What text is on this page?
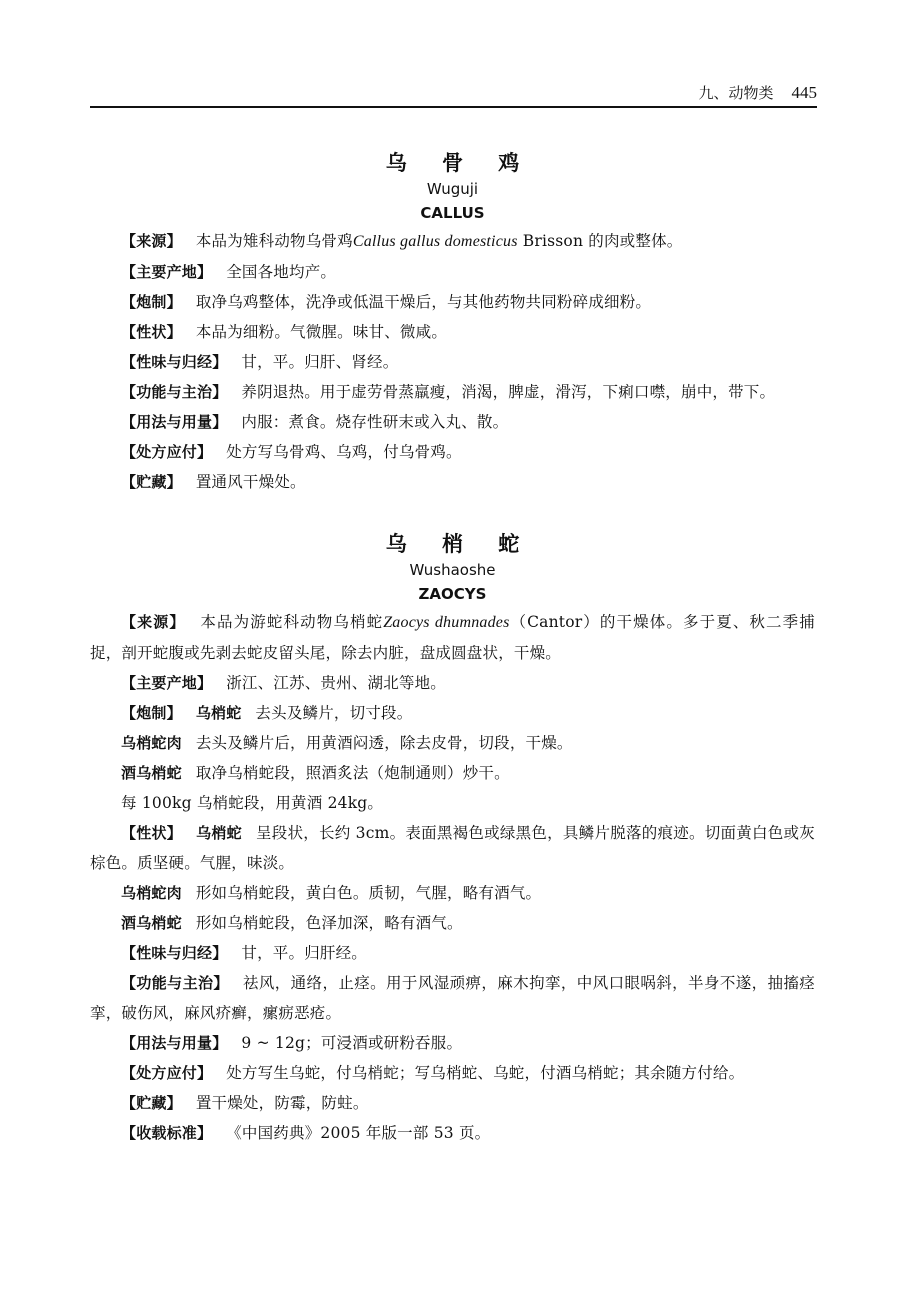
九、动物类 445
乌 骨 鸡
Wuguji
CALLUS

【来源】 本品为雉科动物乌骨鸡Callus gallus domesticus Brisson 的肉或整体。

【主要产地】 全国各地均产。

【炮制】 取净乌鸡整体，洗净或低温干燥后，与其他药物共同粉碎成细粉。

【性状】 本品为细粉。气微腥。味甘、微咸。

【性味与归经】 甘，平。归肝、肾经。

【功能与主治】 养阴退热。用于虚劳骨蒸羸瘦，消渴，脾虚，滑泻，下痢口噤，崩中，带下。

【用法与用量】 内服：煮食。烧存性研末或入丸、散。

【处方应付】 处方写乌骨鸡、乌鸡，付乌骨鸡。

【贮藏】 置通风干燥处。

乌 梢 蛇
Wushaoshe
ZAOCYS

【来源】 本品为游蛇科动物乌梢蛇Zaocys dhumnades（Cantor）的干燥体。多于夏、秋二季捕捉，剖开蛇腹或先剥去蛇皮留头尾，除去内脏，盘成圆盘状，干燥。

【主要产地】 浙江、江苏、贵州、湖北等地。

【炮制】 乌梢蛇 去头及鳞片，切寸段。

乌梢蛇肉 去头及鳞片后，用黄酒闷透，除去皮骨，切段，干燥。

酒乌梢蛇 取净乌梢蛇段，照酒炙法（炮制通则）炒干。

每 100kg 乌梢蛇段，用黄酒 24kg。

【性状】 乌梢蛇 呈段状，长约 3cm。表面黑褐色或绿黑色，具鳞片脱落的痕迹。切面黄白色或灰棕色。质坚硬。气腥，味淡。

乌梢蛇肉 形如乌梢蛇段，黄白色。质韧，气腥，略有酒气。

酒乌梢蛇 形如乌梢蛇段，色泽加深，略有酒气。

【性味与归经】 甘，平。归肝经。

【功能与主治】 祛风，通络，止痉。用于风湿顽痹，麻木拘挛，中风口眼㖞斜，半身不遂，抽搐痉挛，破伤风，麻风疥癣，瘰疬恶疮。

【用法与用量】 9 ~ 12g；可浸酒或研粉吞服。

【处方应付】 处方写生乌蛇，付乌梢蛇；写乌梢蛇、乌蛇，付酒乌梢蛇；其余随方付给。

【贮藏】 置干燥处，防霉，防蛀。

【收载标准】 《中国药典》2005 年版一部 53 页。
